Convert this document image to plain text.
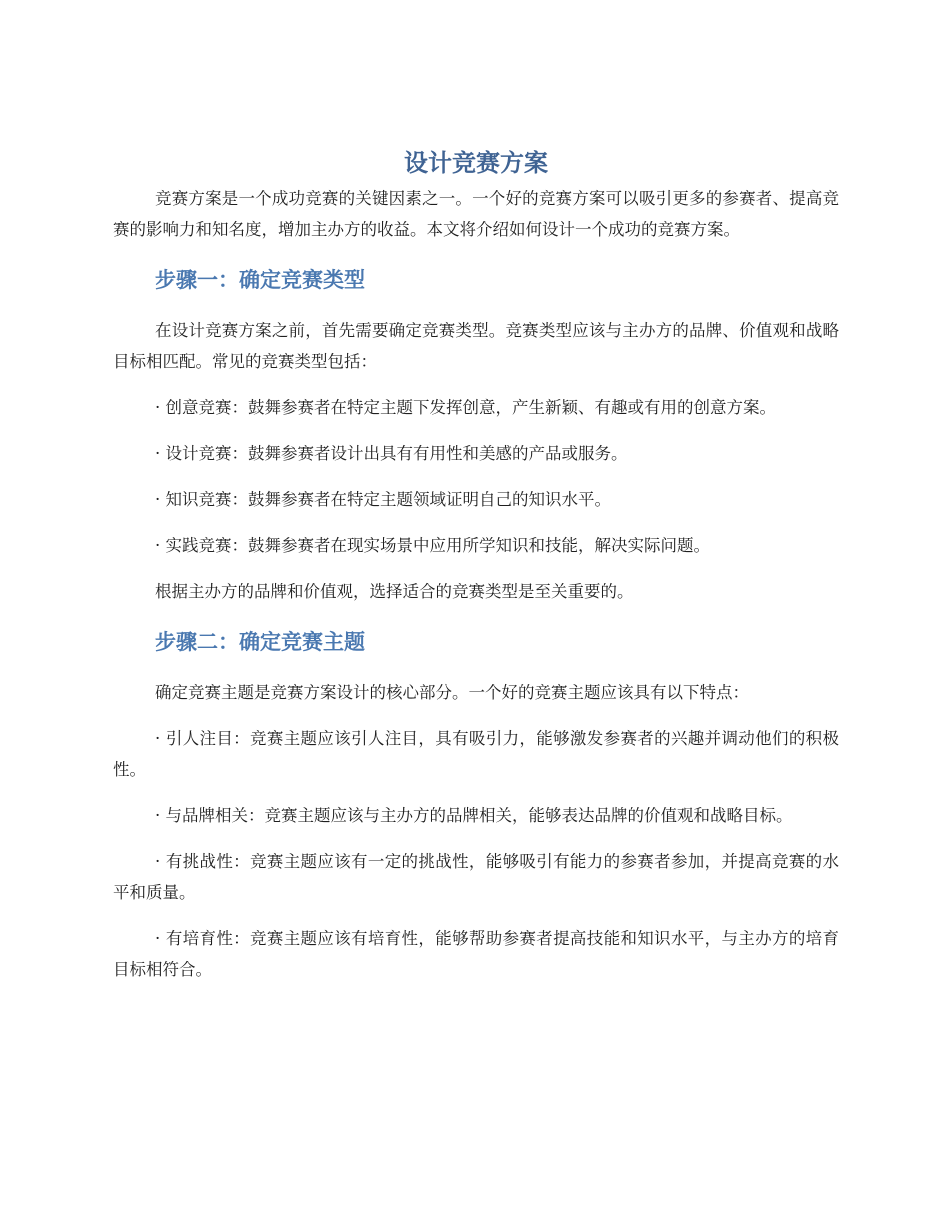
设计竞赛方案

竞赛方案是一个成功竞赛的关键因素之一。一个好的竞赛方案可以吸引更多的参赛者、提高竞赛的影响力和知名度，增加主办方的收益。本文将介绍如何设计一个成功的竞赛方案。

步骤一：确定竞赛类型

在设计竞赛方案之前，首先需要确定竞赛类型。竞赛类型应该与主办方的品牌、价值观和战略目标相匹配。常见的竞赛类型包括：

· 创意竞赛：鼓舞参赛者在特定主题下发挥创意，产生新颖、有趣或有用的创意方案。

· 设计竞赛：鼓舞参赛者设计出具有有用性和美感的产品或服务。

· 知识竞赛：鼓舞参赛者在特定主题领域证明自己的知识水平。

· 实践竞赛：鼓舞参赛者在现实场景中应用所学知识和技能，解决实际问题。

根据主办方的品牌和价值观，选择适合的竞赛类型是至关重要的。

步骤二：确定竞赛主题

确定竞赛主题是竞赛方案设计的核心部分。一个好的竞赛主题应该具有以下特点：

· 引人注目：竞赛主题应该引人注目，具有吸引力，能够激发参赛者的兴趣并调动他们的积极性。

· 与品牌相关：竞赛主题应该与主办方的品牌相关，能够表达品牌的价值观和战略目标。

· 有挑战性：竞赛主题应该有一定的挑战性，能够吸引有能力的参赛者参加，并提高竞赛的水平和质量。

· 有培育性：竞赛主题应该有培育性，能够帮助参赛者提高技能和知识水平，与主办方的培育目标相符合。
